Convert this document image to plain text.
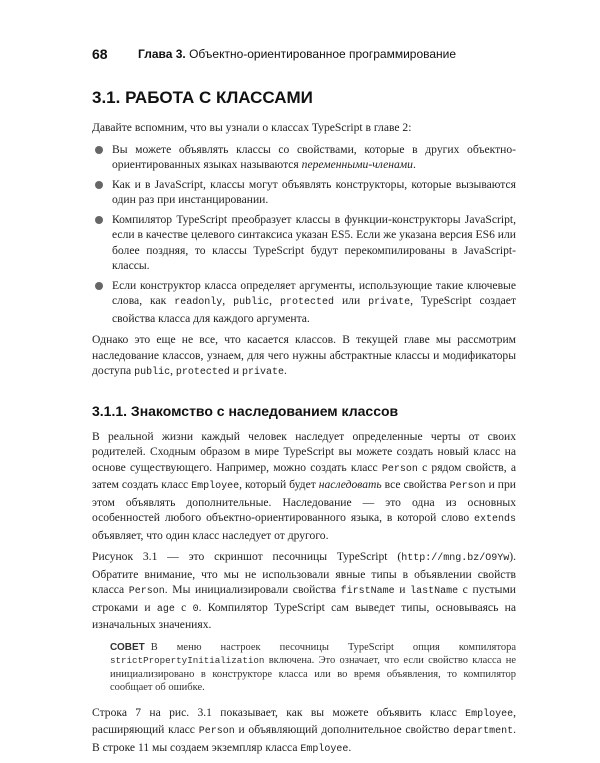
68	Глава 3. Объектно-ориентированное программирование
3.1. РАБОТА С КЛАССАМИ

Давайте вспомним, что вы узнали о классах TypeScript в главе 2:

Вы можете объявлять классы со свойствами, которые в других объектно-ориентированных языках называются переменными-членами.
Как и в JavaScript, классы могут объявлять конструкторы, которые вызываются один раз при инстанцировании.
Компилятор TypeScript преобразует классы в функции-конструкторы JavaScript, если в качестве целевого синтаксиса указан ES5. Если же указана версия ES6 или более поздняя, то классы TypeScript будут перекомпилированы в JavaScript-классы.
Если конструктор класса определяет аргументы, использующие такие ключевые слова, как readonly, public, protected или private, TypeScript создает свойства класса для каждого аргумента.

Однако это еще не все, что касается классов. В текущей главе мы рассмотрим наследование классов, узнаем, для чего нужны абстрактные классы и модификаторы доступа public, protected и private.

3.1.1. Знакомство с наследованием классов

В реальной жизни каждый человек наследует определенные черты от своих родителей. Сходным образом в мире TypeScript вы можете создать новый класс на основе существующего. Например, можно создать класс Person с рядом свойств, а затем создать класс Employee, который будет наследовать все свойства Person и при этом объявлять дополнительные. Наследование — это одна из основных особенностей любого объектно-ориентированного языка, в которой слово extends объявляет, что один класс наследует от другого.

Рисунок 3.1 — это скриншот песочницы TypeScript (http://mng.bz/O9Yw). Обратите внимание, что мы не использовали явные типы в объявлении свойств класса Person. Мы инициализировали свойства firstName и lastName с пустыми строками и age с 0. Компилятор TypeScript сам выведет типы, основываясь на изначальных значениях.

СОВЕТ В меню настроек песочницы TypeScript опция компилятора strictPropertyInitialization включена. Это означает, что если свойство класса не инициализировано в конструкторе класса или во время объявления, то компилятор сообщает об ошибке.

Строка 7 на рис. 3.1 показывает, как вы можете объявить класс Employee, расширяющий класс Person и объявляющий дополнительное свойство department. В строке 11 мы создаем экземпляр класса Employee.
